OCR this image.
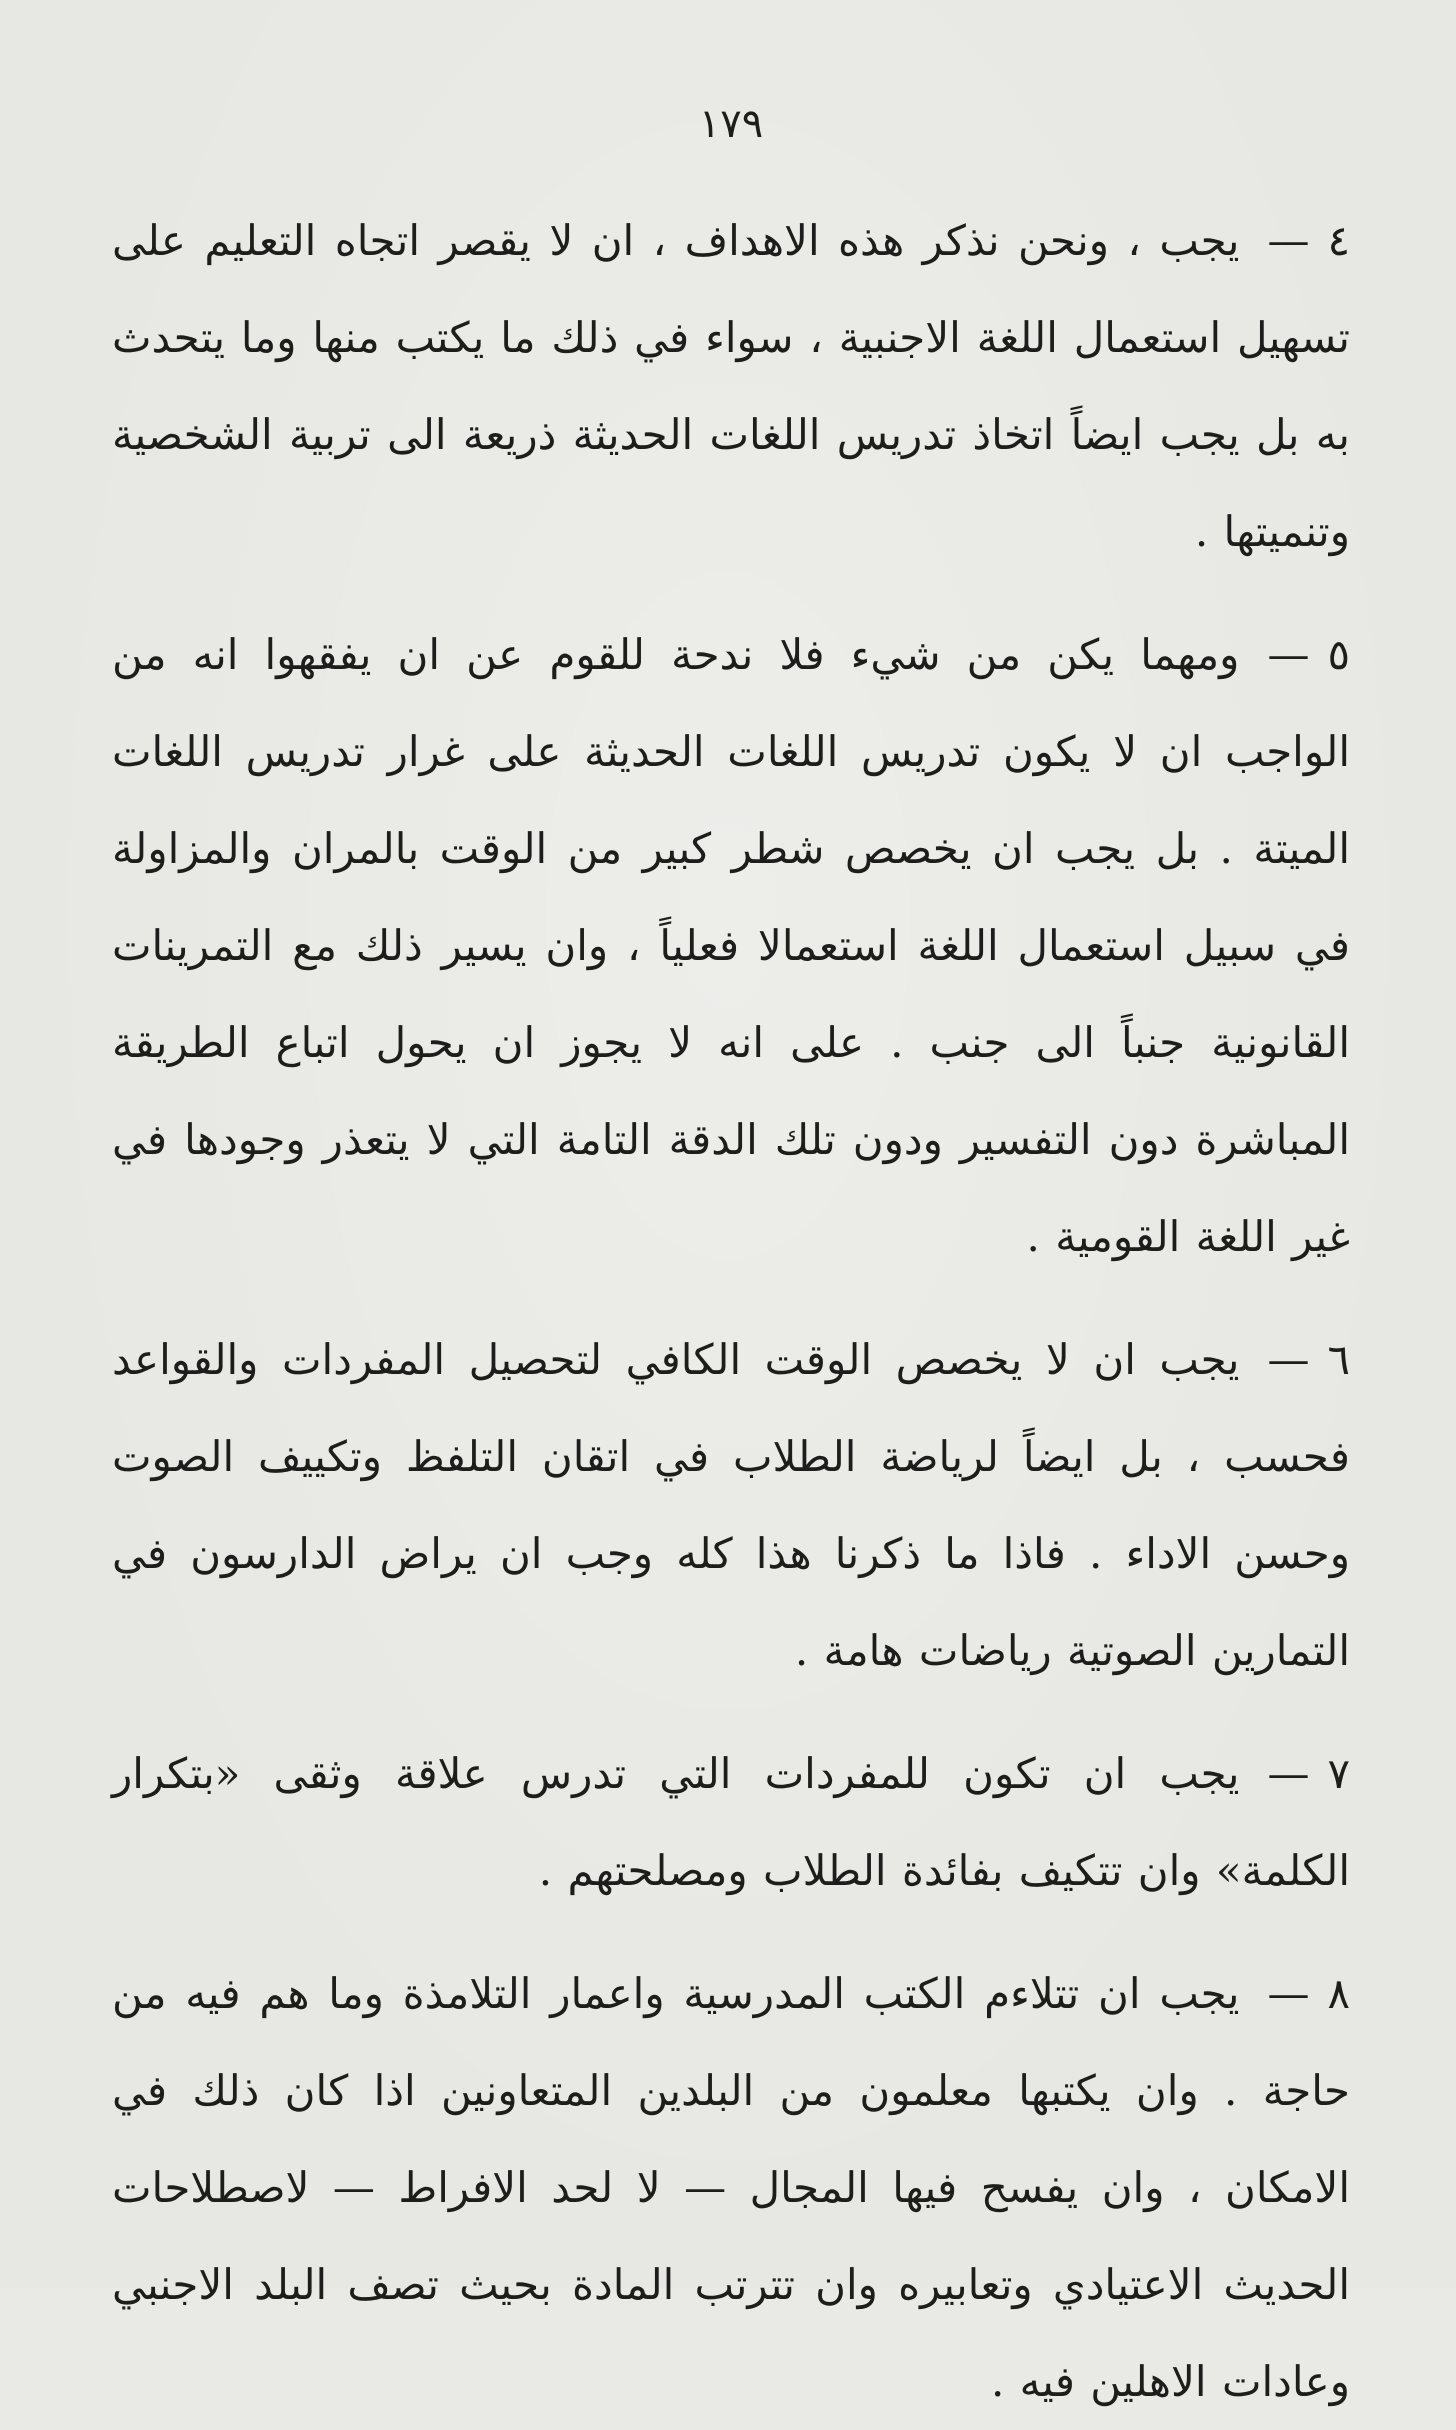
١٧٩

٤—يجب ، ونحن نذكر هذه الاهداف ، ان لا يقصر اتجاه التعليم على تسهيل استعمال اللغة الاجنبية ، سواء في ذلك ما يكتب منها وما يتحدث به بل يجب ايضاً اتخاذ تدريس اللغات الحديثة ذريعة الى تربية الشخصية وتنميتها .

٥—ومهما يكن من شيء فلا ندحة للقوم عن ان يفقهوا انه من الواجب ان لا يكون تدريس اللغات الحديثة على غرار تدريس اللغات الميتة . بل يجب ان يخصص شطر كبير من الوقت بالمران والمزاولة في سبيل استعمال اللغة استعمالا فعلياً ، وان يسير ذلك مع التمرينات القانونية جنباً الى جنب . على انه لا يجوز ان يحول اتباع الطريقة المباشرة دون التفسير ودون تلك الدقة التامة التي لا يتعذر وجودها في غير اللغة القومية .

٦—يجب ان لا يخصص الوقت الكافي لتحصيل المفردات والقواعد فحسب ، بل ايضاً لرياضة الطلاب في اتقان التلفظ وتكييف الصوت وحسن الاداء . فاذا ما ذكرنا هذا كله وجب ان يراض الدارسون في التمارين الصوتية رياضات هامة .

٧—يجب ان تكون للمفردات التي تدرس علاقة وثقى «بتكرار الكلمة» وان تتكيف بفائدة الطلاب ومصلحتهم .

٨—يجب ان تتلاءم الكتب المدرسية واعمار التلامذة وما هم فيه من حاجة . وان يكتبها معلمون من البلدين المتعاونين اذا كان ذلك في الامكان ، وان يفسح فيها المجال — لا لحد الافراط — لاصطلاحات الحديث الاعتيادي وتعابيره وان تترتب المادة بحيث تصف البلد الاجنبي وعادات الاهلين فيه .
